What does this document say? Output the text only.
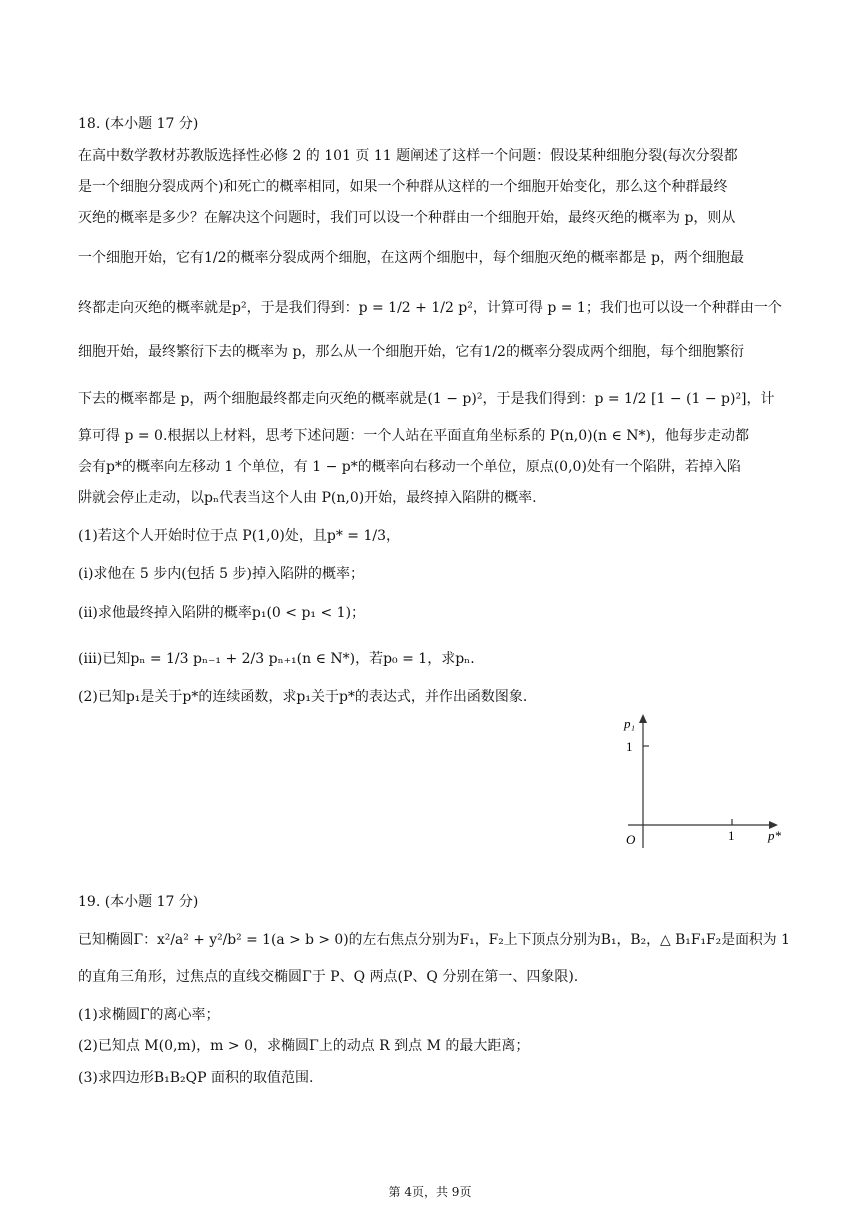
18. (本小题 17 分)
在高中数学教材苏教版选择性必修 2 的 101 页 11 题阐述了这样一个问题：假设某种细胞分裂(每次分裂都
是一个细胞分裂成两个)和死亡的概率相同，如果一个种群从这样的一个细胞开始变化，那么这个种群最终
灭绝的概率是多少？在解决这个问题时，我们可以设一个种群由一个细胞开始，最终灭绝的概率为 p，则从
一个细胞开始，它有1/2的概率分裂成两个细胞，在这两个细胞中，每个细胞灭绝的概率都是 p，两个细胞最
终都走向灭绝的概率就是p²，于是我们得到：p = 1/2 + 1/2 p²，计算可得 p = 1；我们也可以设一个种群由一个
细胞开始，最终繁衍下去的概率为 p，那么从一个细胞开始，它有1/2的概率分裂成两个细胞，每个细胞繁衍
下去的概率都是 p，两个细胞最终都走向灭绝的概率就是(1 − p)²，于是我们得到：p = 1/2 [1 − (1 − p)²]，计
算可得 p = 0.根据以上材料，思考下述问题：一个人站在平面直角坐标系的 P(n,0)(n ∈ N*)，他每步走动都
会有p*的概率向左移动 1 个单位，有 1 − p*的概率向右移动一个单位，原点(0,0)处有一个陷阱，若掉入陷
阱就会停止走动，以pₙ代表当这个人由 P(n,0)开始，最终掉入陷阱的概率.
(1)若这个人开始时位于点 P(1,0)处，且p* = 1/3，
(i)求他在 5 步内(包括 5 步)掉入陷阱的概率；
(ii)求他最终掉入陷阱的概率p₁(0 < p₁ < 1)；
(iii)已知pₙ = 1/3 pₙ₋₁ + 2/3 pₙ₊₁(n ∈ N*)，若p₀ = 1，求pₙ.
(2)已知p₁是关于p*的连续函数，求p₁关于p*的表达式，并作出函数图象.
p₁
1
O	1	p*
19. (本小题 17 分)
已知椭圆Γ：x²/a² + y²/b² = 1(a > b > 0)的左右焦点分别为F₁，F₂上下顶点分别为B₁，B₂，△ B₁F₁F₂是面积为 1
的直角三角形，过焦点的直线交椭圆Γ于 P、Q 两点(P、Q 分别在第一、四象限).
(1)求椭圆Γ的离心率；
(2)已知点 M(0,m)，m > 0，求椭圆Γ上的动点 R 到点 M 的最大距离；
(3)求四边形B₁B₂QP 面积的取值范围.
第 4页，共 9页
